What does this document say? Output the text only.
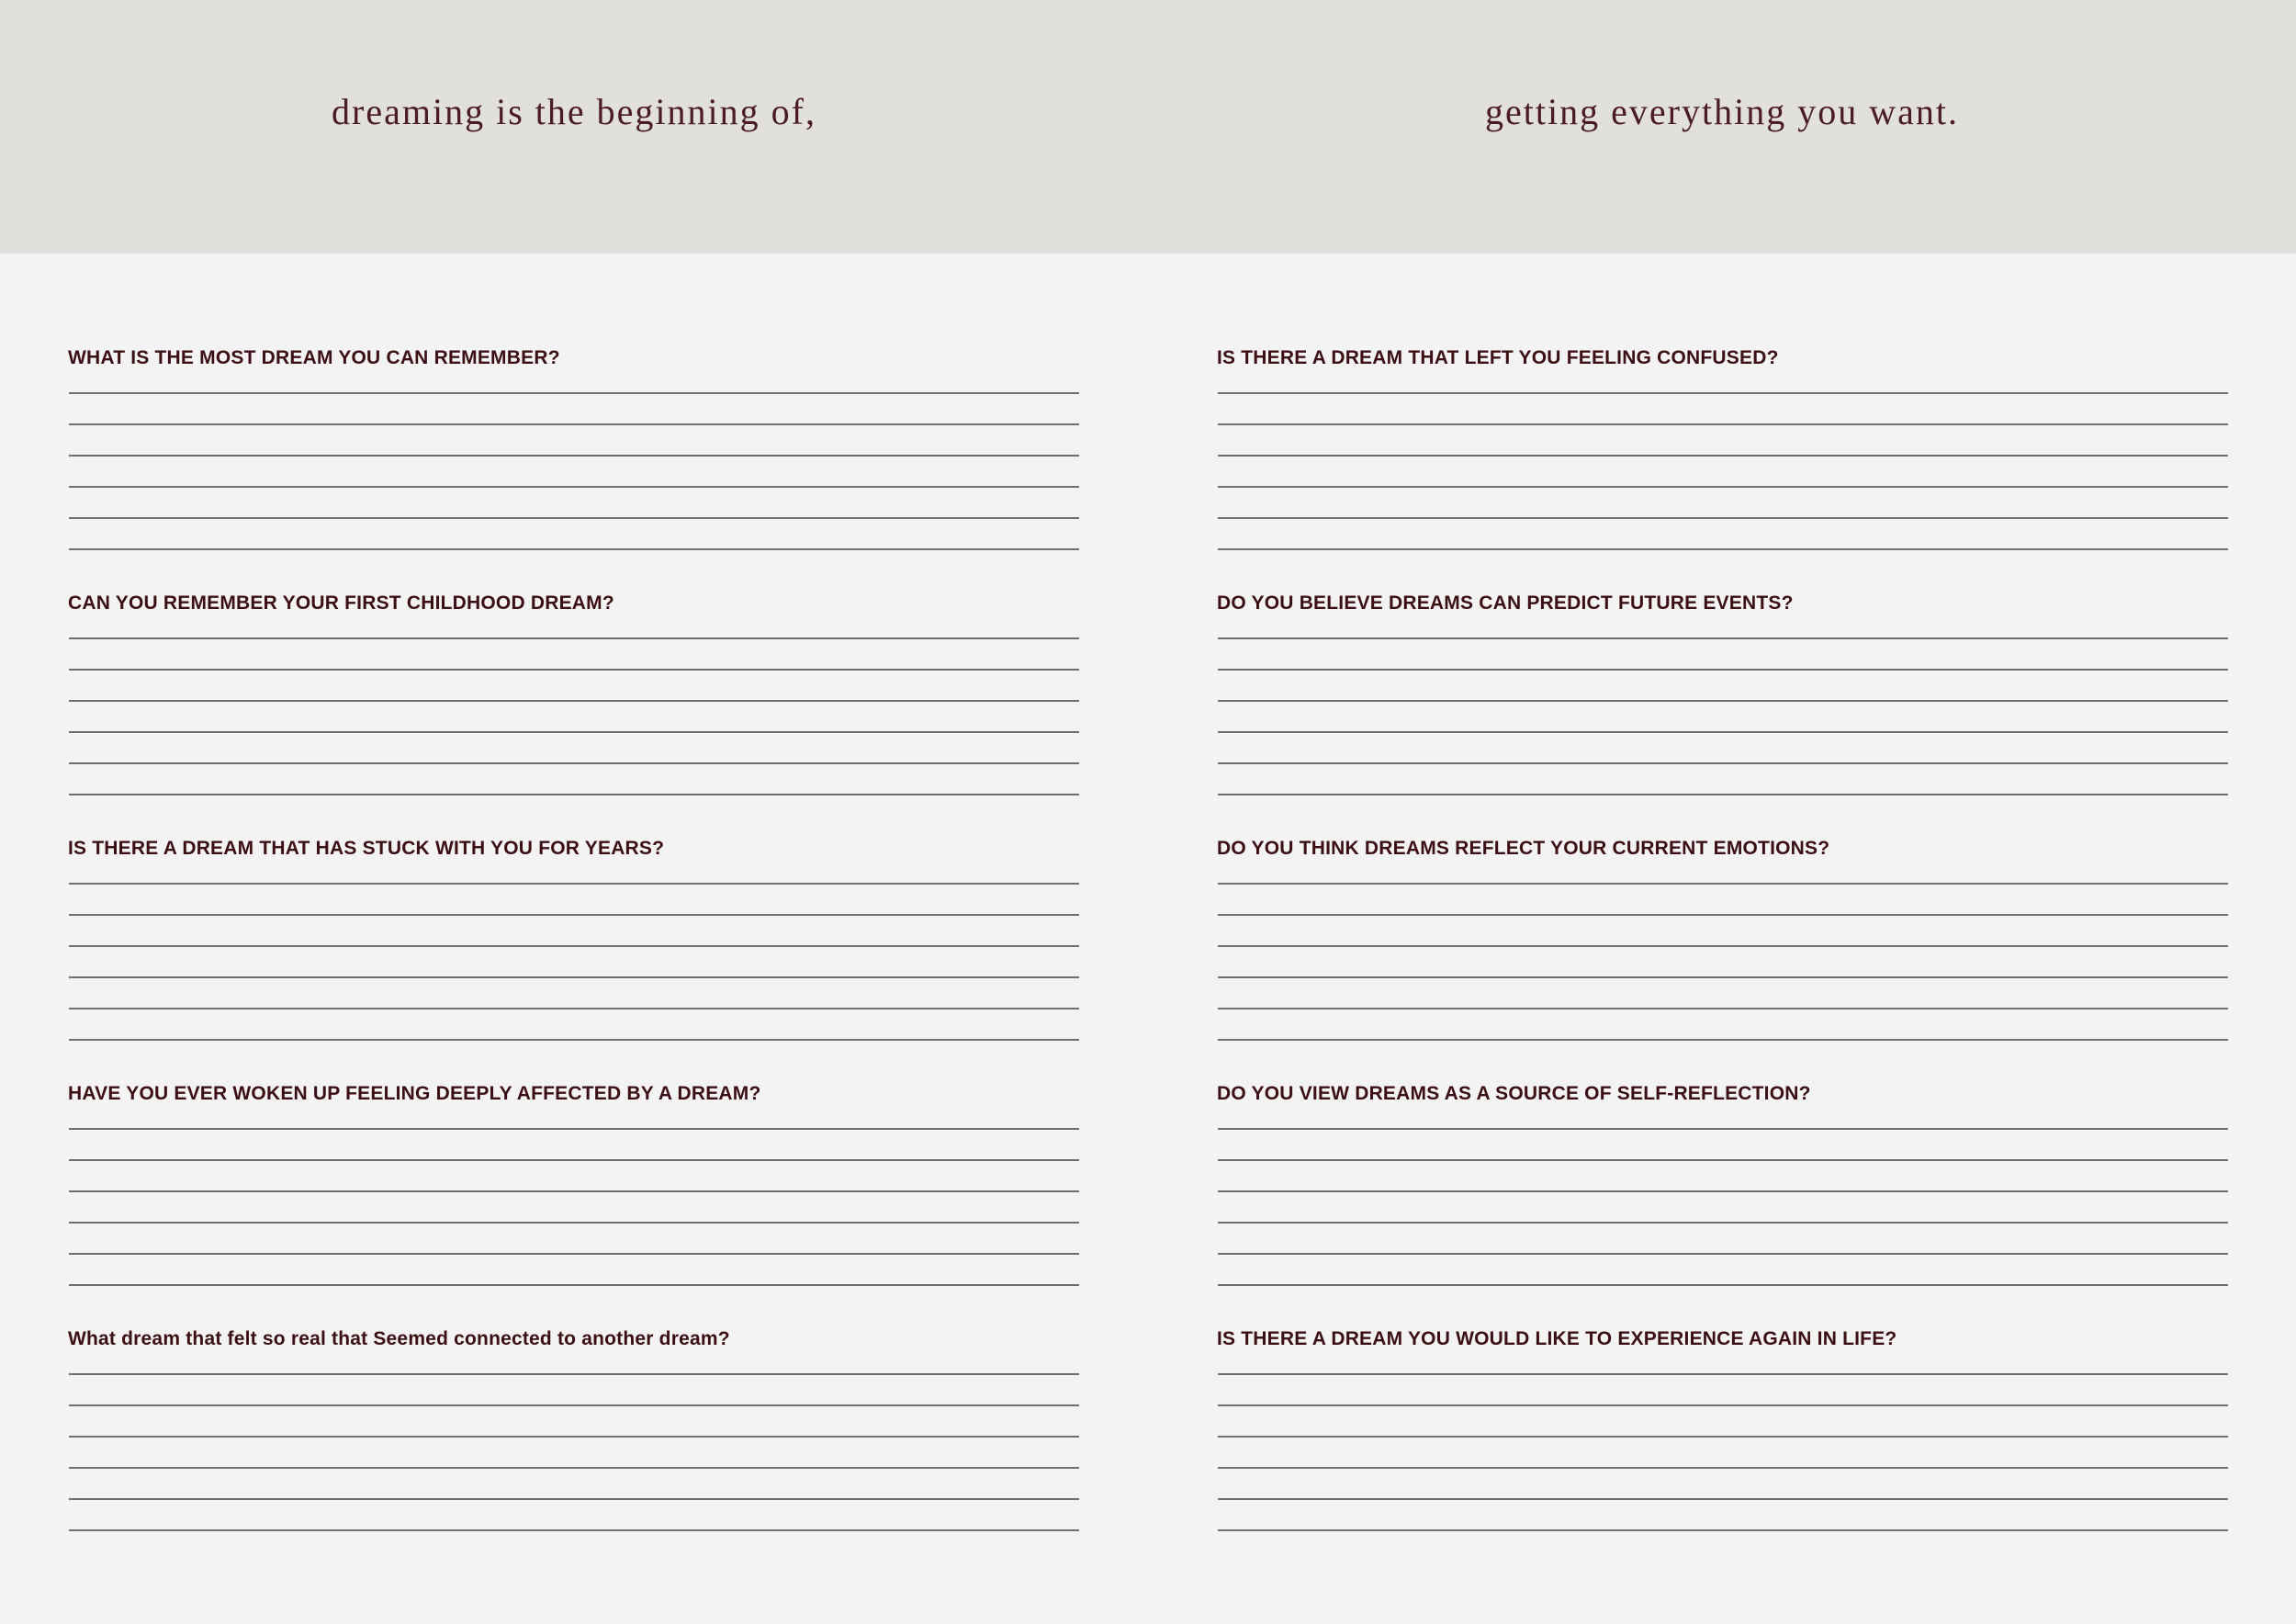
dreaming is the beginning of,	getting everything you want.
WHAT IS THE MOST DREAM YOU CAN REMEMBER?
CAN YOU REMEMBER YOUR FIRST CHILDHOOD DREAM?
IS THERE A DREAM THAT HAS STUCK WITH YOU FOR YEARS?
HAVE YOU EVER WOKEN UP FEELING DEEPLY AFFECTED BY A DREAM?
What dream that felt so real that Seemed connected to another dream?
IS THERE A DREAM THAT LEFT YOU FEELING CONFUSED?
DO YOU BELIEVE DREAMS CAN PREDICT FUTURE EVENTS?
DO YOU THINK DREAMS REFLECT YOUR CURRENT EMOTIONS?
DO YOU VIEW DREAMS AS A SOURCE OF SELF-REFLECTION?
IS THERE A DREAM YOU WOULD LIKE TO EXPERIENCE AGAIN IN LIFE?
